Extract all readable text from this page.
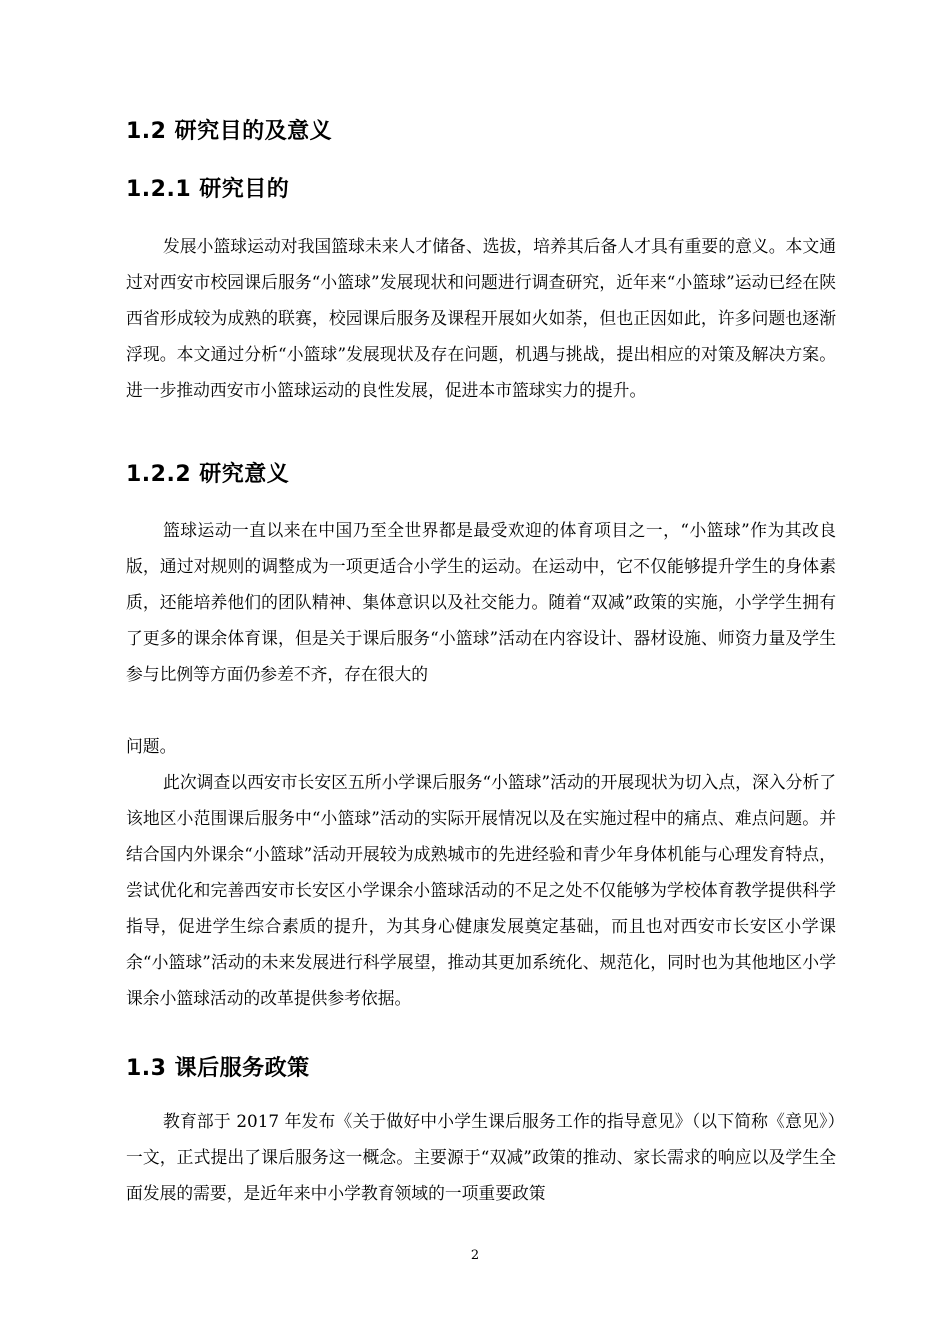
1.2 研究目的及意义
1.2.1 研究目的

发展小篮球运动对我国篮球未来人才储备、选拔，培养其后备人才具有重要的意义。本文通过对西安市校园课后服务“小篮球”发展现状和问题进行调查研究，近年来“小篮球”运动已经在陕西省形成较为成熟的联赛，校园课后服务及课程开展如火如荼，但也正因如此，许多问题也逐渐浮现。本文通过分析“小篮球”发展现状及存在问题，机遇与挑战，提出相应的对策及解决方案。进一步推动西安市小篮球运动的良性发展，促进本市篮球实力的提升。

1.2.2 研究意义

篮球运动一直以来在中国乃至全世界都是最受欢迎的体育项目之一，“小篮球”作为其改良版，通过对规则的调整成为一项更适合小学生的运动。在运动中，它不仅能够提升学生的身体素质，还能培养他们的团队精神、集体意识以及社交能力。随着“双减”政策的实施，小学学生拥有了更多的课余体育课，但是关于课后服务“小篮球”活动在内容设计、器材设施、师资力量及学生参与比例等方面仍参差不齐，存在很大的

问题。

此次调查以西安市长安区五所小学课后服务“小篮球”活动的开展现状为切入点，深入分析了该地区小范围课后服务中“小篮球”活动的实际开展情况以及在实施过程中的痛点、难点问题。并结合国内外课余“小篮球”活动开展较为成熟城市的先进经验和青少年身体机能与心理发育特点，尝试优化和完善西安市长安区小学课余小篮球活动的不足之处不仅能够为学校体育教学提供科学指导，促进学生综合素质的提升，为其身心健康发展奠定基础，而且也对西安市长安区小学课余“小篮球”活动的未来发展进行科学展望，推动其更加系统化、规范化，同时也为其他地区小学课余小篮球活动的改革提供参考依据。

1.3 课后服务政策

教育部于 2017 年发布《关于做好中小学生课后服务工作的指导意见》（以下简称《意见》）一文，正式提出了课后服务这一概念。主要源于“双减”政策的推动、家长需求的响应以及学生全面发展的需要，是近年来中小学教育领域的一项重要政策

2
